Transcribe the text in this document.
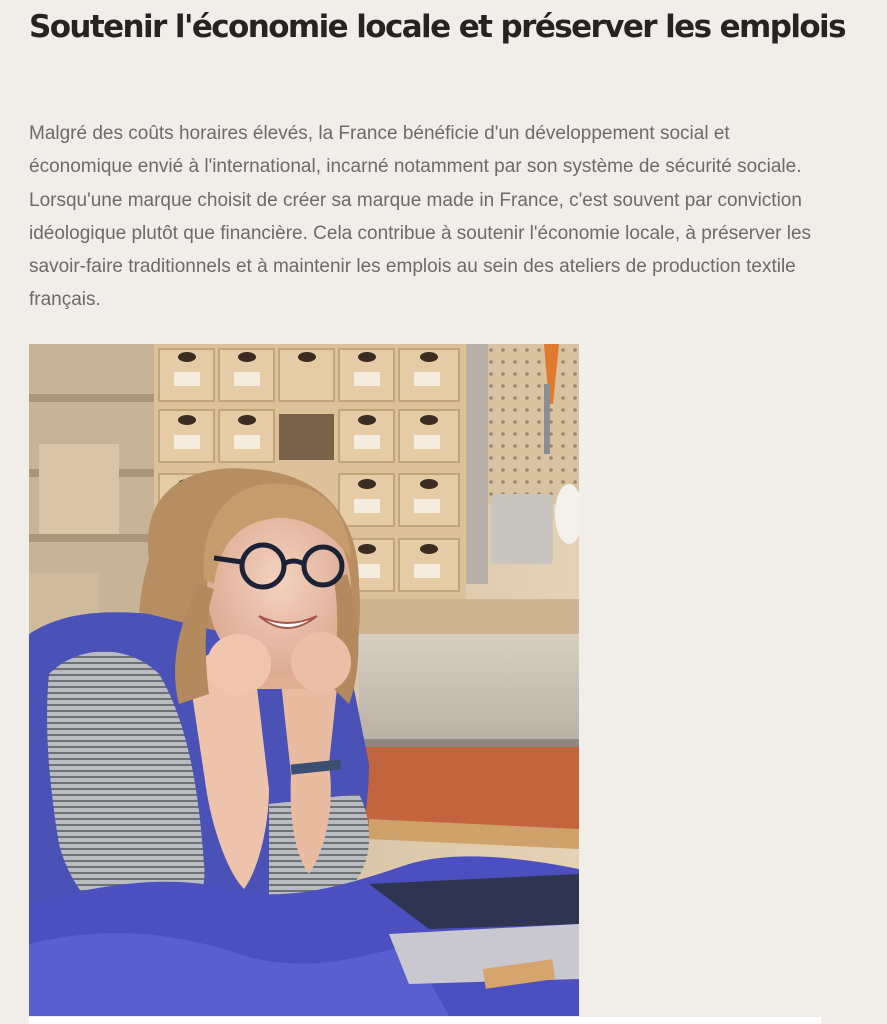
Soutenir l'économie locale et préserver les emplois

Malgré des coûts horaires élevés, la France bénéficie d'un développement social et économique envié à l'international, incarné notamment par son système de sécurité sociale. Lorsqu'une marque choisit de créer sa marque made in France, c'est souvent par conviction idéologique plutôt que financière. Cela contribue à soutenir l'économie locale, à préserver les savoir-faire traditionnels et à maintenir les emplois au sein des ateliers de production textile français.
